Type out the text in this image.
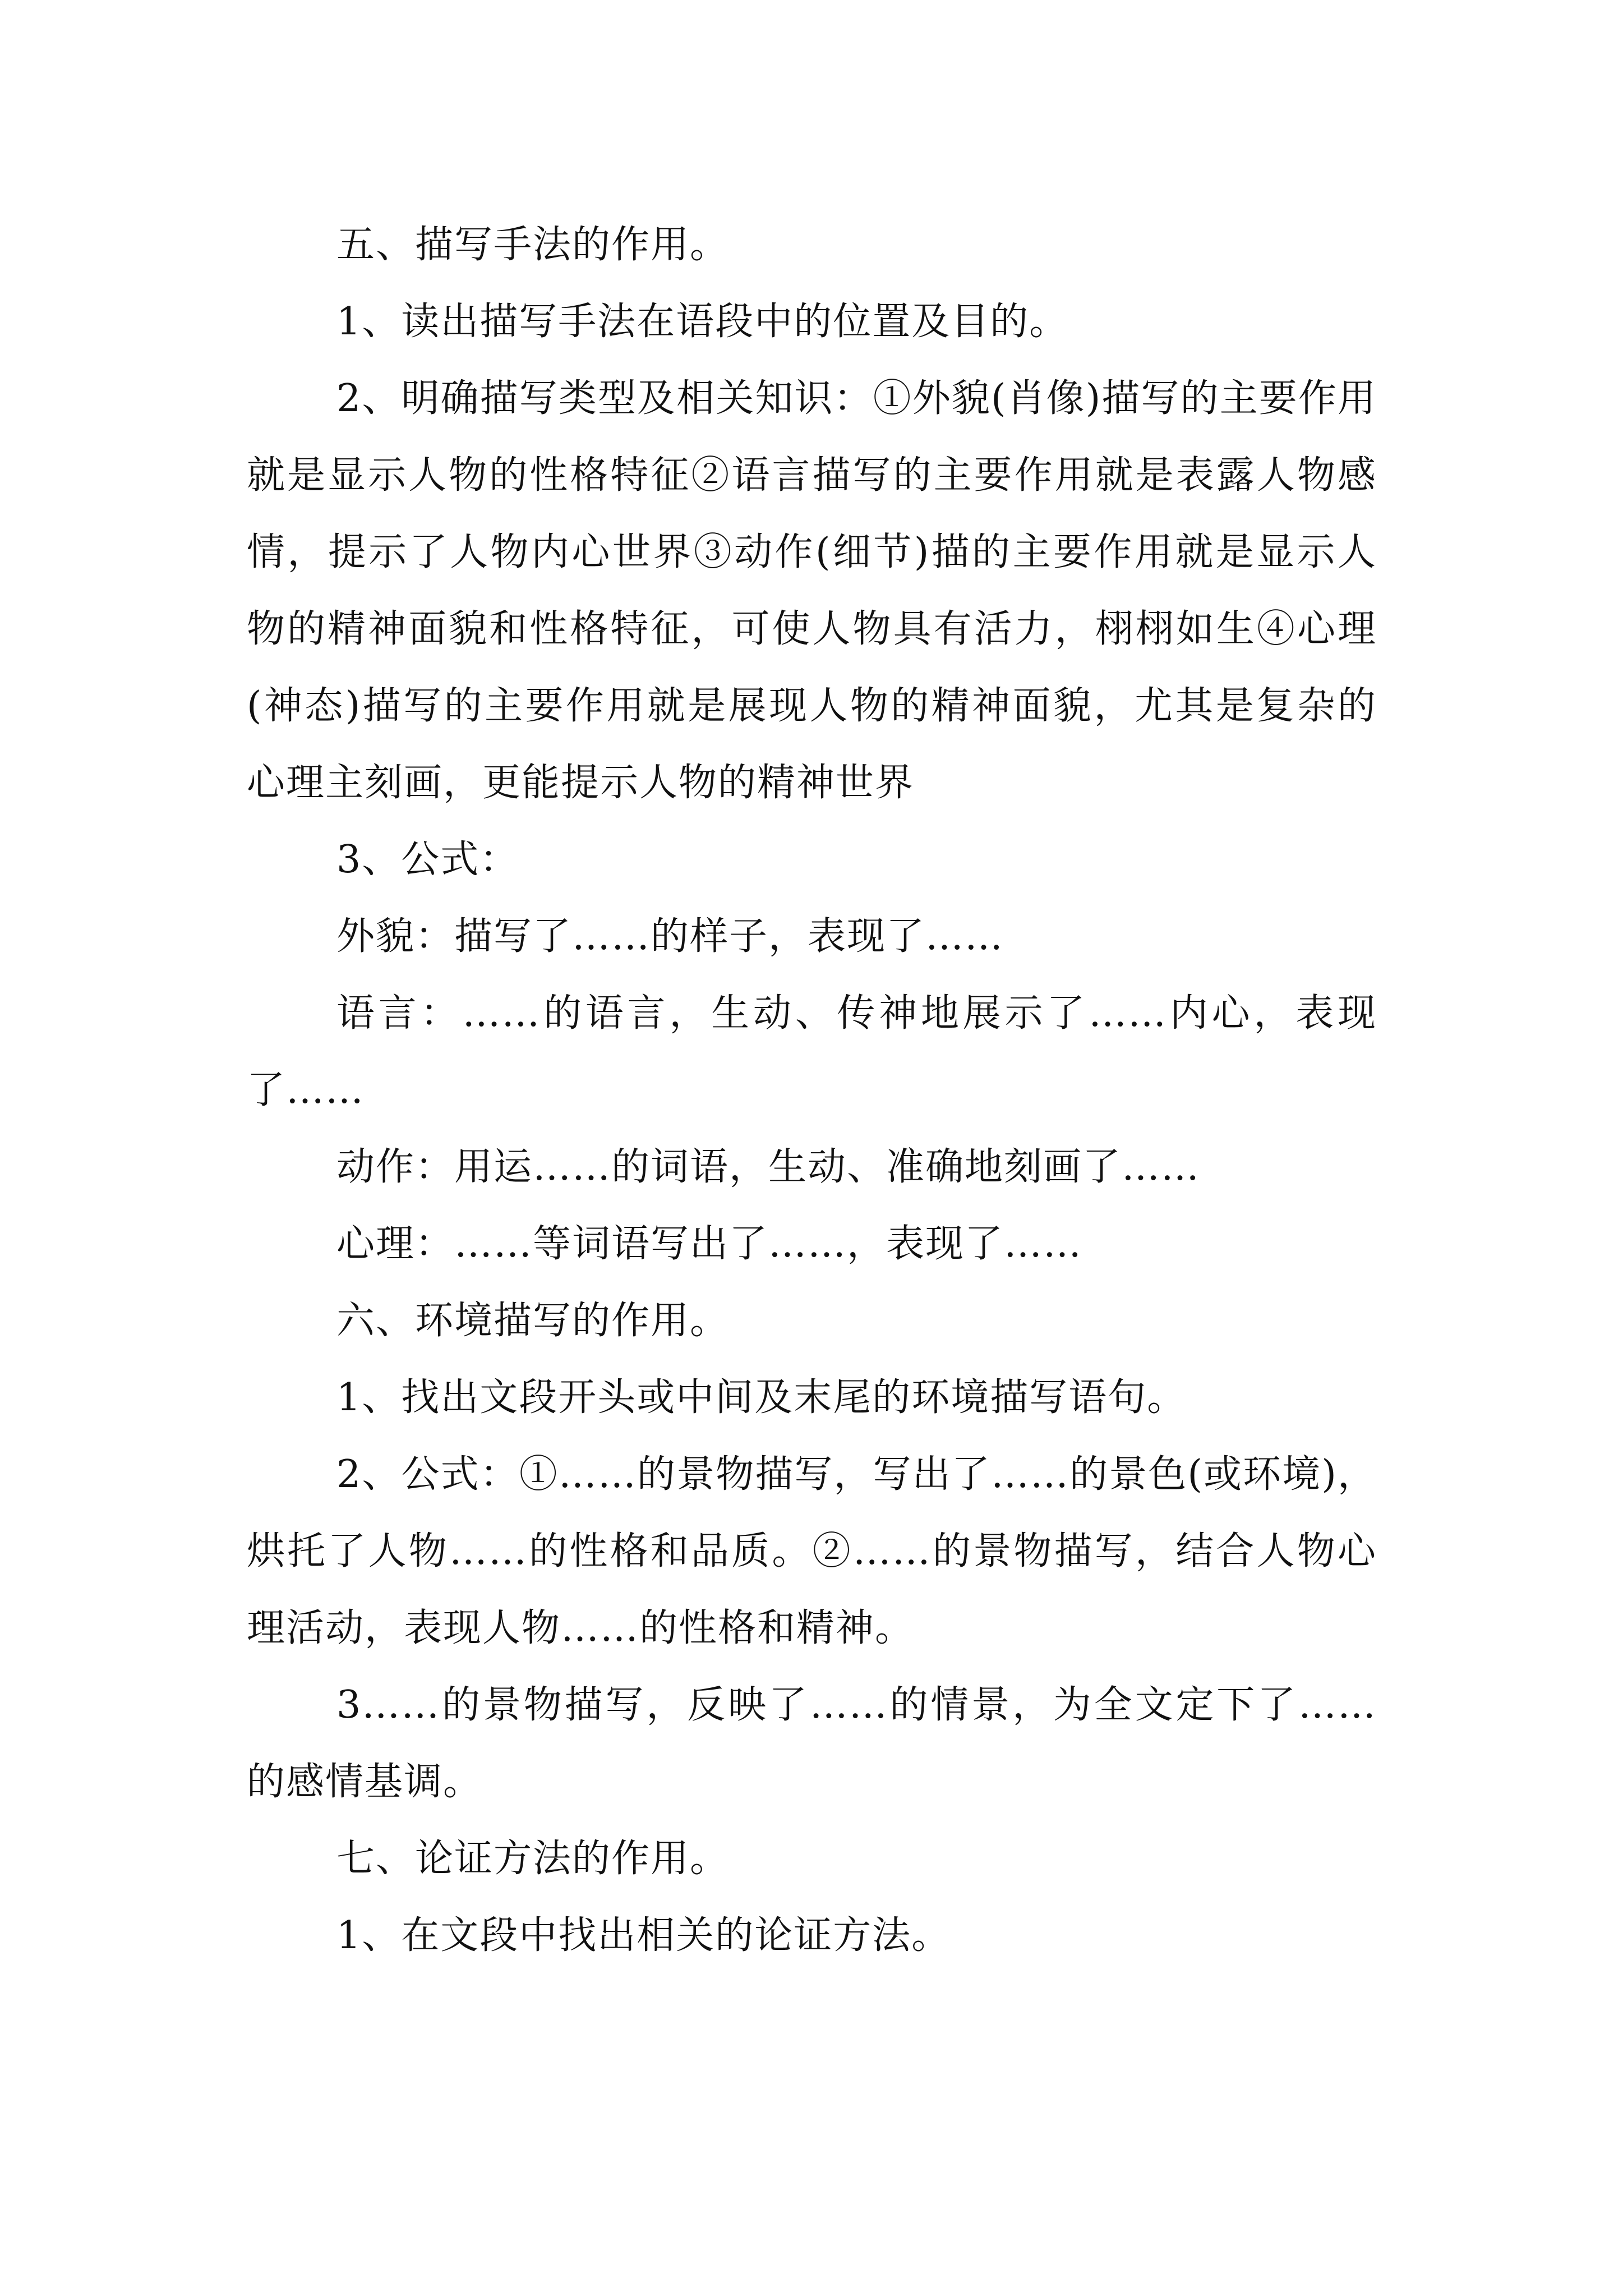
五、描写手法的作用。

1、读出描写手法在语段中的位置及目的。

2、明确描写类型及相关知识：①外貌(肖像)描写的主要作用就是显示人物的性格特征②语言描写的主要作用就是表露人物感情，提示了人物内心世界③动作(细节)描的主要作用就是显示人物的精神面貌和性格特征，可使人物具有活力，栩栩如生④心理(神态)描写的主要作用就是展现人物的精神面貌，尤其是复杂的心理主刻画，更能提示人物的精神世界

3、公式：

外貌：描写了……的样子，表现了……

语言：……的语言，生动、传神地展示了……内心，表现了……

动作：用运……的词语，生动、准确地刻画了……

心理：……等词语写出了……，表现了……

六、环境描写的作用。

1、找出文段开头或中间及末尾的环境描写语句。

2、公式：①……的景物描写，写出了……的景色(或环境)，烘托了人物……的性格和品质。②……的景物描写，结合人物心理活动，表现人物……的性格和精神。

3……的景物描写，反映了……的情景，为全文定下了……的感情基调。

七、论证方法的作用。

1、在文段中找出相关的论证方法。
